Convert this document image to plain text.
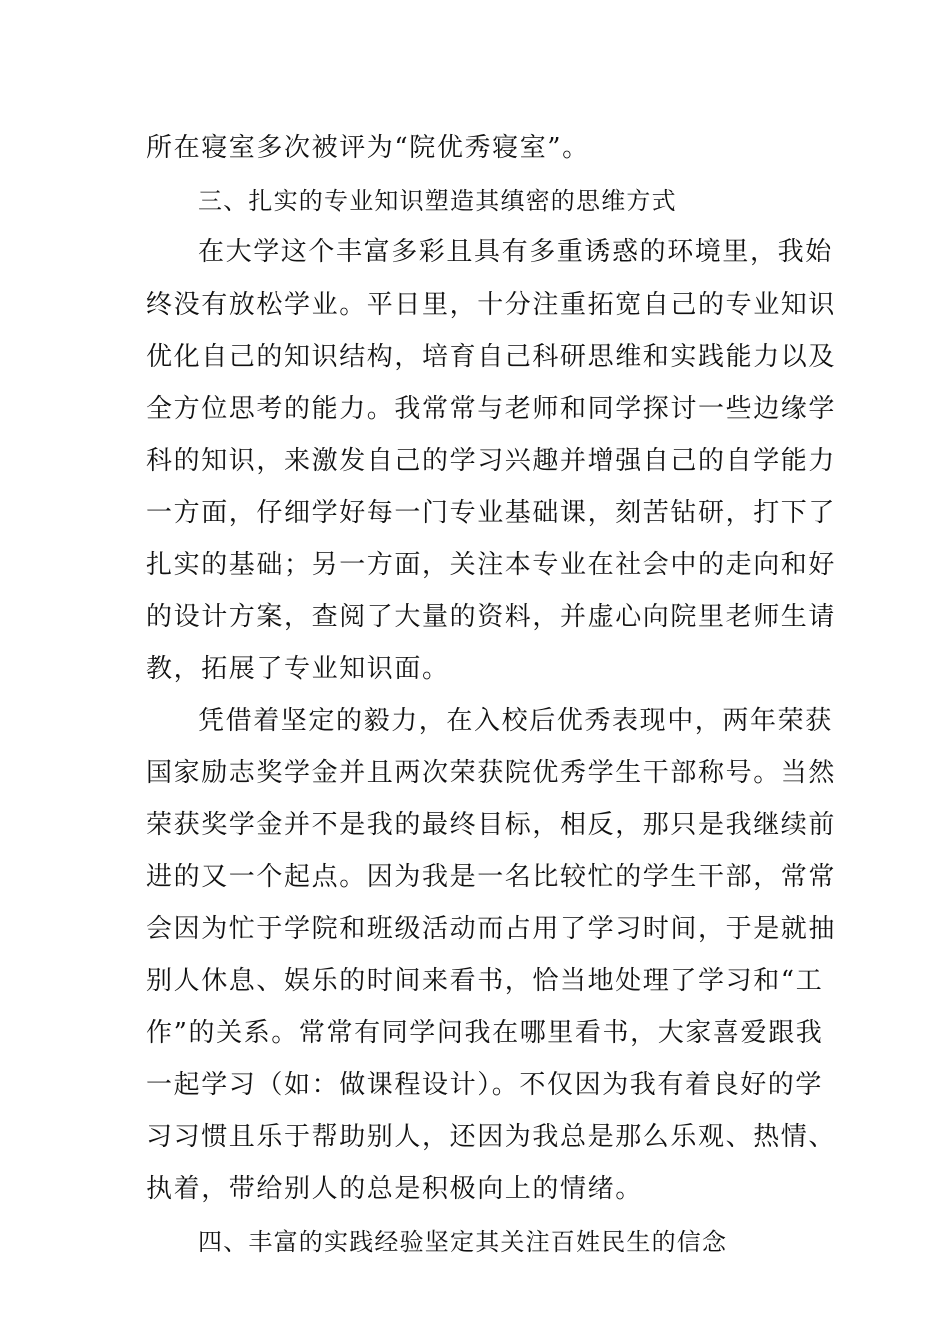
所在寝室多次被评为“院优秀寝室”。
三、扎实的专业知识塑造其缜密的思维方式
在大学这个丰富多彩且具有多重诱惑的环境里，我始
终没有放松学业。平日里，十分注重拓宽自己的专业知识
优化自己的知识结构，培育自己科研思维和实践能力以及
全方位思考的能力。我常常与老师和同学探讨一些边缘学
科的知识，来激发自己的学习兴趣并增强自己的自学能力
一方面，仔细学好每一门专业基础课，刻苦钻研，打下了
扎实的基础；另一方面，关注本专业在社会中的走向和好
的设计方案，查阅了大量的资料，并虚心向院里老师生请
教，拓展了专业知识面。
凭借着坚定的毅力，在入校后优秀表现中，两年荣获
国家励志奖学金并且两次荣获院优秀学生干部称号。当然
荣获奖学金并不是我的最终目标，相反，那只是我继续前
进的又一个起点。因为我是一名比较忙的学生干部，常常
会因为忙于学院和班级活动而占用了学习时间，于是就抽
别人休息、娱乐的时间来看书，恰当地处理了学习和“工
作”的关系。常常有同学问我在哪里看书，大家喜爱跟我
一起学习（如：做课程设计）。不仅因为我有着良好的学
习习惯且乐于帮助别人，还因为我总是那么乐观、热情、
执着，带给别人的总是积极向上的情绪。
四、丰富的实践经验坚定其关注百姓民生的信念
